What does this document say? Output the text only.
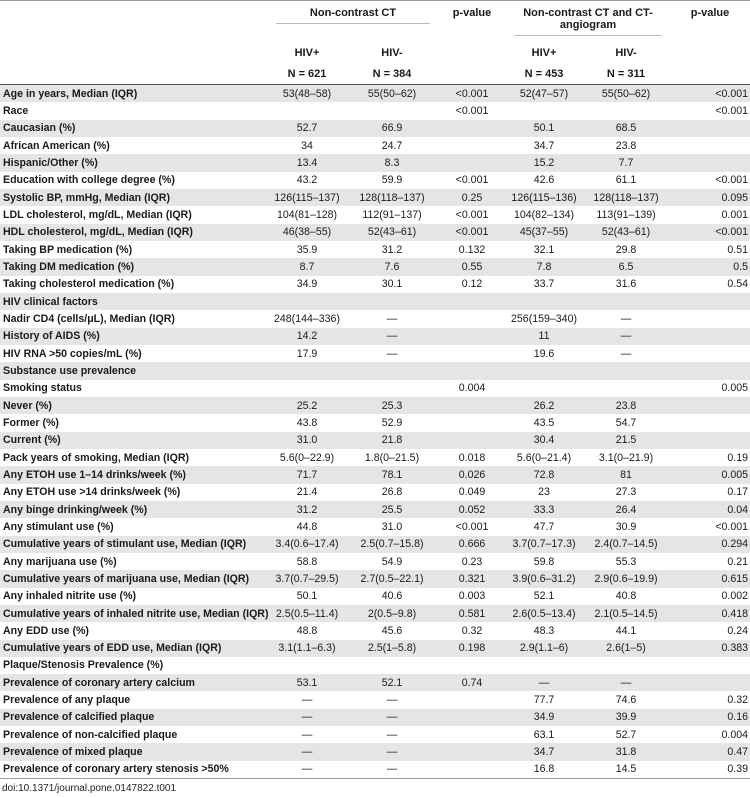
	Non-contrast CT		p-value	Non-contrast CT and CT-angiogram		p-value
	HIV+	HIV-		HIV+	HIV-	
	N = 621	N = 384		N = 453	N = 311	
Age in years, Median (IQR)	53(48–58)	55(50–62)	<0.001	52(47–57)	55(50–62)	<0.001
Race			<0.001			<0.001
Caucasian (%)	52.7	66.9		50.1	68.5	
African American (%)	34	24.7		34.7	23.8	
Hispanic/Other (%)	13.4	8.3		15.2	7.7	
Education with college degree (%)	43.2	59.9	<0.001	42.6	61.1	<0.001
Systolic BP, mmHg, Median (IQR)	126(115–137)	128(118–137)	0.25	126(115–136)	128(118–137)	0.095
LDL cholesterol, mg/dL, Median (IQR)	104(81–128)	112(91–137)	<0.001	104(82–134)	113(91–139)	0.001
HDL cholesterol, mg/dL, Median (IQR)	46(38–55)	52(43–61)	<0.001	45(37–55)	52(43–61)	<0.001
Taking BP medication (%)	35.9	31.2	0.132	32.1	29.8	0.51
Taking DM medication (%)	8.7	7.6	0.55	7.8	6.5	0.5
Taking cholesterol medication (%)	34.9	30.1	0.12	33.7	31.6	0.54
HIV clinical factors						
Nadir CD4 (cells/μL), Median (IQR)	248(144–336)	—		256(159–340)	—	
History of AIDS (%)	14.2	—		11	—	
HIV RNA >50 copies/mL (%)	17.9	—		19.6	—	
Substance use prevalence						
Smoking status			0.004			0.005
Never (%)	25.2	25.3		26.2	23.8	
Former (%)	43.8	52.9		43.5	54.7	
Current (%)	31.0	21.8		30.4	21.5	
Pack years of smoking, Median (IQR)	5.6(0–22.9)	1.8(0–21.5)	0.018	5.6(0–21.4)	3.1(0–21.9)	0.19
Any ETOH use 1–14 drinks/week (%)	71.7	78.1	0.026	72.8	81	0.005
Any ETOH use >14 drinks/week (%)	21.4	26.8	0.049	23	27.3	0.17
Any binge drinking/week (%)	31.2	25.5	0.052	33.3	26.4	0.04
Any stimulant use (%)	44.8	31.0	<0.001	47.7	30.9	<0.001
Cumulative years of stimulant use, Median (IQR)	3.4(0.6–17.4)	2.5(0.7–15.8)	0.666	3.7(0.7–17.3)	2.4(0.7–14.5)	0.294
Any marijuana use (%)	58.8	54.9	0.23	59.8	55.3	0.21
Cumulative years of marijuana use, Median (IQR)	3.7(0.7–29.5)	2.7(0.5–22.1)	0.321	3.9(0.6–31.2)	2.9(0.6–19.9)	0.615
Any inhaled nitrite use (%)	50.1	40.6	0.003	52.1	40.8	0.002
Cumulative years of inhaled nitrite use, Median (IQR)	2.5(0.5–11.4)	2(0.5–9.8)	0.581	2.6(0.5–13.4)	2.1(0.5–14.5)	0.418
Any EDD use (%)	48.8	45.6	0.32	48.3	44.1	0.24
Cumulative years of EDD use, Median (IQR)	3.1(1.1–6.3)	2.5(1–5.8)	0.198	2.9(1.1–6)	2.6(1–5)	0.383
Plaque/Stenosis Prevalence (%)						
Prevalence of coronary artery calcium	53.1	52.1	0.74	—	—	
Prevalence of any plaque	—	—		77.7	74.6	0.32
Prevalence of calcified plaque	—	—		34.9	39.9	0.16
Prevalence of non-calcified plaque	—	—		63.1	52.7	0.004
Prevalence of mixed plaque	—	—		34.7	31.8	0.47
Prevalence of coronary artery stenosis >50%	—	—		16.8	14.5	0.39
doi:10.1371/journal.pone.0147822.t001
